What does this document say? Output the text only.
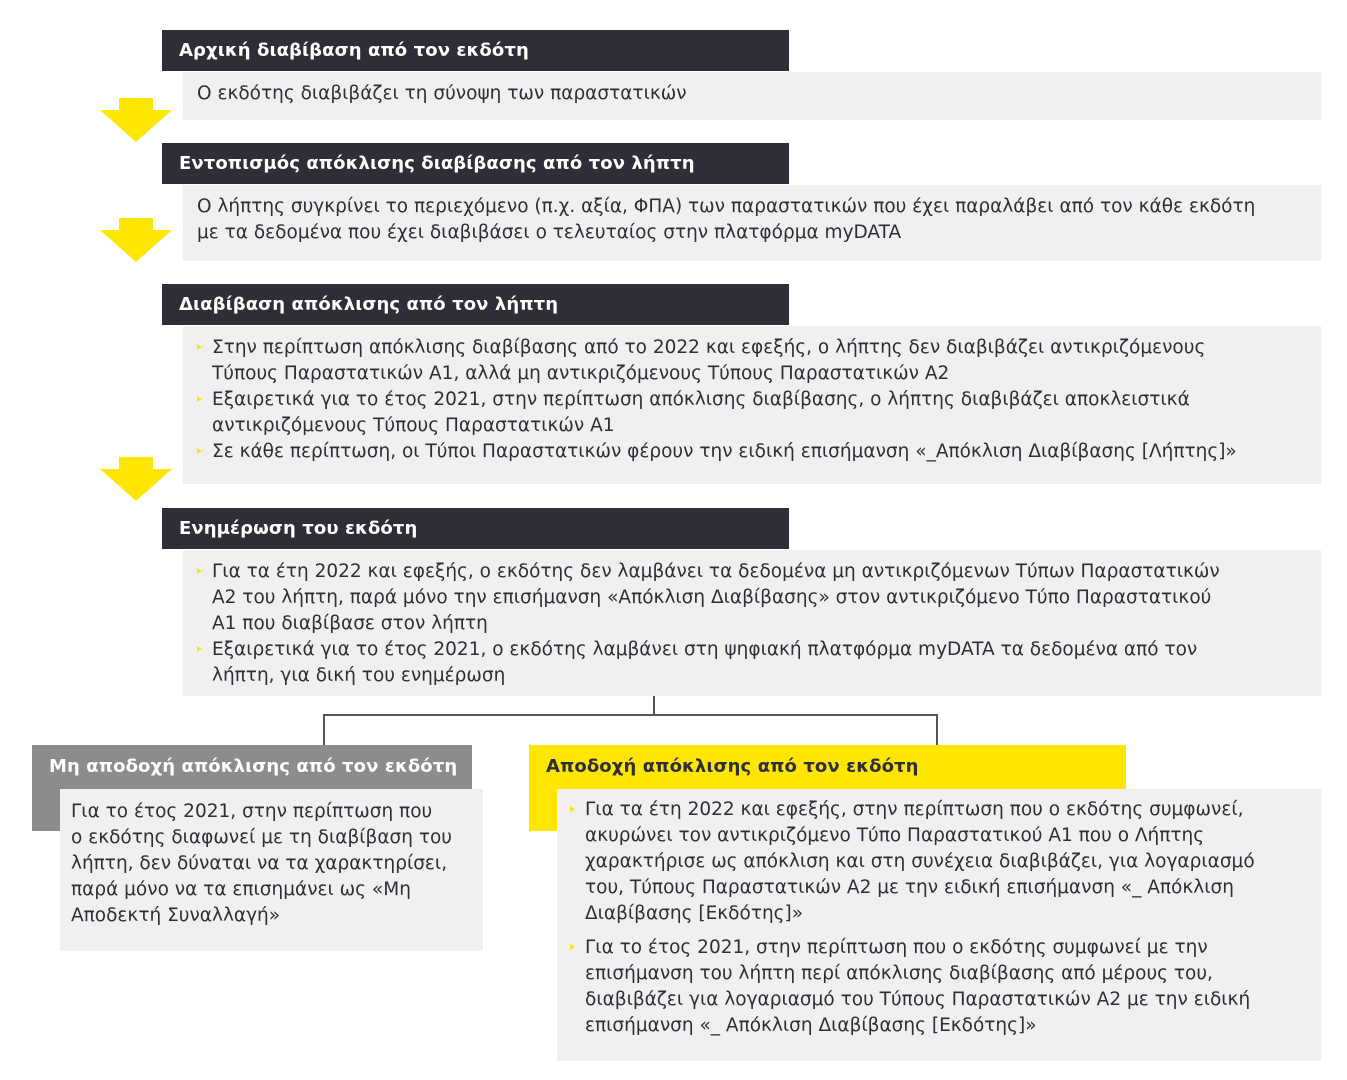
Αρχική διαβίβαση από τον εκδότη
Ο εκδότης διαβιβάζει τη σύνοψη των παραστατικών
Εντοπισμός απόκλισης διαβίβασης από τον λήπτη
Ο λήπτης συγκρίνει το περιεχόμενο (π.χ. αξία, ΦΠΑ) των παραστατικών που έχει παραλάβει από τον κάθε εκδότη
με τα δεδομένα που έχει διαβιβάσει ο τελευταίος στην πλατφόρμα myDATA
Διαβίβαση απόκλισης από τον λήπτη
Στην περίπτωση απόκλισης διαβίβασης από το 2022 και εφεξής, ο λήπτης δεν διαβιβάζει αντικριζόμενους
Τύπους Παραστατικών Α1, αλλά μη αντικριζόμενους Τύπους Παραστατικών Α2
Εξαιρετικά για το έτος 2021, στην περίπτωση απόκλισης διαβίβασης, ο λήπτης διαβιβάζει αποκλειστικά
αντικριζόμενους Τύπους Παραστατικών Α1
Σε κάθε περίπτωση, οι Τύποι Παραστατικών φέρουν την ειδική επισήμανση «_Απόκλιση Διαβίβασης [Λήπτης]»
Ενημέρωση του εκδότη
Για τα έτη 2022 και εφεξής, ο εκδότης δεν λαμβάνει τα δεδομένα μη αντικριζόμενων Τύπων Παραστατικών
Α2 του λήπτη, παρά μόνο την επισήμανση «Απόκλιση Διαβίβασης» στον αντικριζόμενο Τύπο Παραστατικού
Α1 που διαβίβασε στον λήπτη
Εξαιρετικά για το έτος 2021, ο εκδότης λαμβάνει στη ψηφιακή πλατφόρμα myDATA τα δεδομένα από τον
λήπτη, για δική του ενημέρωση
Μη αποδοχή απόκλισης από τον εκδότη
Για το έτος 2021, στην περίπτωση που
ο εκδότης διαφωνεί με τη διαβίβαση του
λήπτη, δεν δύναται να τα χαρακτηρίσει,
παρά μόνο να τα επισημάνει ως «Μη
Αποδεκτή Συναλλαγή»
Αποδοχή απόκλισης από τον εκδότη
Για τα έτη 2022 και εφεξής, στην περίπτωση που ο εκδότης συμφωνεί,
ακυρώνει τον αντικριζόμενο Τύπο Παραστατικού Α1 που ο Λήπτης
χαρακτήρισε ως απόκλιση και στη συνέχεια διαβιβάζει, για λογαριασμό
του, Τύπους Παραστατικών Α2 με την ειδική επισήμανση «_ Απόκλιση
Διαβίβασης [Εκδότης]»
Για το έτος 2021, στην περίπτωση που ο εκδότης συμφωνεί με την
επισήμανση του λήπτη περί απόκλισης διαβίβασης από μέρους του,
διαβιβάζει για λογαριασμό του Τύπους Παραστατικών Α2 με την ειδική
επισήμανση «_ Απόκλιση Διαβίβασης [Εκδότης]»
